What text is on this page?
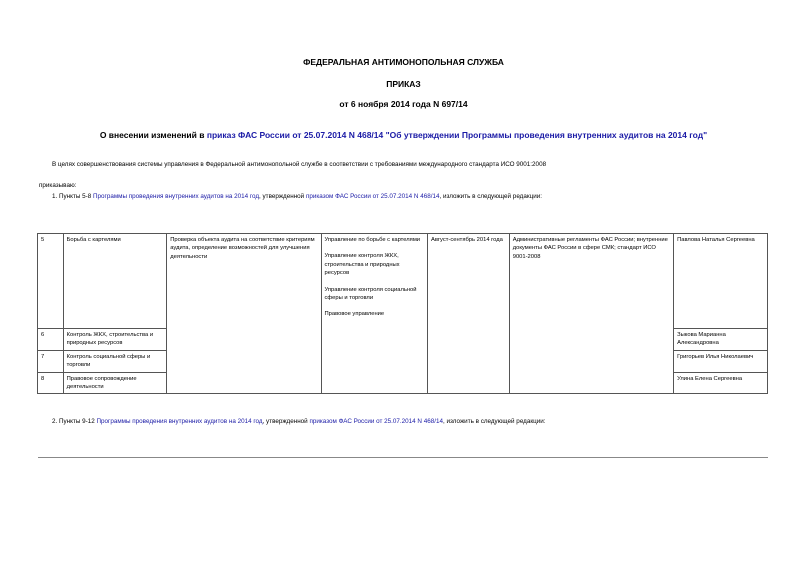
ФЕДЕРАЛЬНАЯ АНТИМОНОПОЛЬНАЯ СЛУЖБА
ПРИКАЗ
от 6 ноября 2014 года N 697/14
О внесении изменений в приказ ФАС России от 25.07.2014 N 468/14 "Об утверждении Программы проведения внутренних аудитов на 2014 год"
В целях совершенствования системы управления в Федеральной антимонопольной службе в соответствии с требованиями международного стандарта ИСО 9001:2008
приказываю:
1. Пункты 5-8 Программы проведения внутренних аудитов на 2014 год, утвержденной приказом ФАС России от 25.07.2014 N 468/14, изложить в следующей редакции:
5	Борьба с картелями	Проверка объекта аудита на соответствие критериям аудита, определение возможностей для улучшения деятельности	Управление по борьбе с картелями

Управление контроля ЖКХ, строительства и природных ресурсов

Управление контроля социальной сферы и торговли

Правовое управление	Август-сентябрь 2014 года	Административные регламенты ФАС России; внутренние документы ФАС России в сфере СМК; стандарт ИСО 9001-2008	Павлова Наталья Сергеевна
6	Контроль ЖКХ, строительства и природных ресурсов					Зыкова Марианна Александровна
7	Контроль социальной сферы и торговли					Григорьев Илья Николаевич
8	Правовое сопровождение деятельности					Улина Елена Сергеевна
2. Пункты 9-12 Программы проведения внутренних аудитов на 2014 год, утвержденной приказом ФАС России от 25.07.2014 N 468/14, изложить в следующей редакции:
